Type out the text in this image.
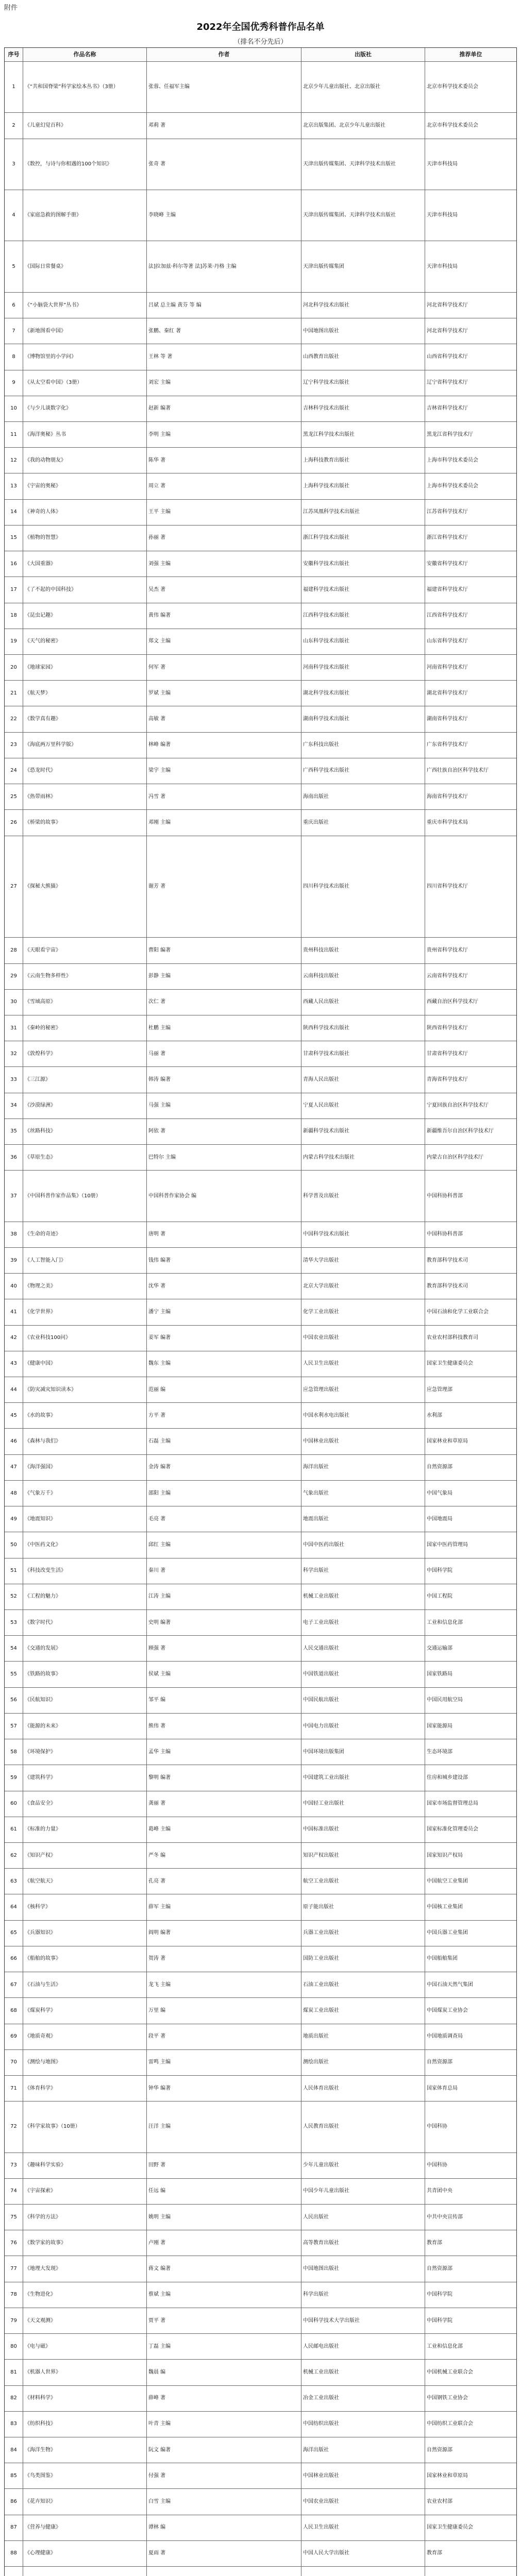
附件
2022年全国优秀科普作品名单
（排名不分先后）
序号	作品名称	作者	出版社	推荐单位
1	《“共和国脊梁”科学家绘本丛书》（3册）	张蓉、任福军主编	北京少年儿童出版社、北京出版社	北京市科学技术委员会
2	《儿童幻觉百科》	邓莉 著	北京出版集团、北京少年儿童出版社	北京市科学技术委员会
3	《数控，与诗与你相遇的100个知识》	张奇 著	天津出版传媒集团、天津科学技术出版社	天津市科技局
4	《家庭急救的图解手册》	李晓峰 主编	天津出版传媒集团、天津科学技术出版社	天津市科技局
5	《国际日常餐桌》	法]拉加兹·科尔等著 法]苏莱·丹格 主编	天津出版传媒集团	天津市科技局
6	《“小脑袋大世界”丛书》	吕斌 总主编 黄芬 等 编	河北科学技术出版社	河北省科学技术厅
7	《新地图看中国》	张鹏、秦红 著	中国地图出版社	河北省科学技术厅
8	《博物馆里的小学问》	王林 等 著	山西教育出版社	山西省科学技术厅
9	《从太空看中国》（3册）	刘宏 主编	辽宁科学技术出版社	辽宁省科学技术厅
10	《与少儿谈数字化》	赵新 编著	吉林科学技术出版社	吉林省科学技术厅
11	《海洋奥秘》丛书	李明 主编	黑龙江科学技术出版社	黑龙江省科学技术厅
12	《我的动物朋友》	陈华 著	上海科技教育出版社	上海市科学技术委员会
13	《宇宙的奥秘》	周立 著	上海科学技术出版社	上海市科学技术委员会
14	《神奇的人体》	王平 主编	江苏凤凰科学技术出版社	江苏省科学技术厅
15	《植物的智慧》	孙丽 著	浙江科学技术出版社	浙江省科学技术厅
16	《大国重器》	刘强 主编	安徽科学技术出版社	安徽省科学技术厅
17	《了不起的中国科技》	吴杰 著	福建科学技术出版社	福建省科学技术厅
18	《昆虫记趣》	黄伟 编著	江西科学技术出版社	江西省科学技术厅
19	《天气的秘密》	郑文 主编	山东科学技术出版社	山东省科学技术厅
20	《地球家园》	何军 著	河南科学技术出版社	河南省科学技术厅
21	《航天梦》	罗斌 主编	湖北科学技术出版社	湖北省科学技术厅
22	《数学真有趣》	高敏 著	湖南科学技术出版社	湖南省科学技术厅
23	《海底两万里科学版》	林峰 编著	广东科技出版社	广东省科学技术厅
24	《恐龙时代》	梁宇 主编	广西科学技术出版社	广西壮族自治区科学技术厅
25	《热带雨林》	冯雪 著	海南出版社	海南省科学技术厅
26	《桥梁的故事》	邓刚 主编	重庆出版社	重庆市科学技术局
27	《探秘大熊猫》	谢芳 著	四川科学技术出版社	四川省科学技术厅
28	《天眼看宇宙》	曹阳 编著	贵州科技出版社	贵州省科学技术厅
29	《云南生物多样性》	彭静 主编	云南科技出版社	云南省科学技术厅
30	《雪域高原》	次仁 著	西藏人民出版社	西藏自治区科学技术厅
31	《秦岭的秘密》	杜鹏 主编	陕西科学技术出版社	陕西省科学技术厅
32	《敦煌科学》	马丽 著	甘肃科学技术出版社	甘肃省科学技术厅
33	《三江源》	韩涛 编著	青海人民出版社	青海省科学技术厅
34	《沙漠绿洲》	马强 主编	宁夏人民出版社	宁夏回族自治区科学技术厅
35	《丝路科技》	阿依 著	新疆科学技术出版社	新疆维吾尔自治区科学技术厅
36	《草原生态》	巴特尔 主编	内蒙古科学技术出版社	内蒙古自治区科学技术厅
37	《中国科普作家作品集》（10册）	中国科普作家协会 编	科学普及出版社	中国科协科普部
38	《生命的奇迹》	唐明 著	中国科学技术出版社	中国科协科普部
39	《人工智能入门》	钱伟 编著	清华大学出版社	教育部科学技术司
40	《物理之美》	沈华 著	北京大学出版社	教育部科学技术司
41	《化学世界》	潘宁 主编	化学工业出版社	中国石油和化学工业联合会
42	《农业科技100问》	姜军 编著	中国农业出版社	农业农村部科技教育司
43	《健康中国》	魏东 主编	人民卫生出版社	国家卫生健康委员会
44	《防灾减灾知识读本》	范丽 编	应急管理出版社	应急管理部
45	《水的故事》	方平 著	中国水利水电出版社	水利部
46	《森林与我们》	石磊 主编	中国林业出版社	国家林业和草原局
47	《海洋强国》	金涛 编著	海洋出版社	自然资源部
48	《气象万千》	邵阳 主编	气象出版社	中国气象局
49	《地震知识》	毛亮 著	地震出版社	中国地震局
50	《中医药文化》	邱红 主编	中国中医药出版社	国家中医药管理局
51	《科技改变生活》	秦川 著	科学出版社	中国科学院
52	《工程的魅力》	江涛 主编	机械工业出版社	中国工程院
53	《数字时代》	史明 编著	电子工业出版社	工业和信息化部
54	《交通的发展》	顾强 著	人民交通出版社	交通运输部
55	《铁路的故事》	侯斌 主编	中国铁道出版社	国家铁路局
56	《民航知识》	邹平 编	中国民航出版社	中国民用航空局
57	《能源的未来》	熊伟 著	中国电力出版社	国家能源局
58	《环境保护》	孟华 主编	中国环境出版集团	生态环境部
59	《建筑科学》	黎明 编著	中国建筑工业出版社	住房和城乡建设部
60	《食品安全》	龚丽 著	中国轻工业出版社	国家市场监督管理总局
61	《标准的力量》	葛峰 主编	中国标准出版社	国家标准化管理委员会
62	《知识产权》	严冬 编	知识产权出版社	国家知识产权局
63	《航空航天》	孔亮 著	航空工业出版社	中国航空工业集团
64	《核科学》	薛军 主编	原子能出版社	中国核工业集团
65	《兵器知识》	阎明 编著	兵器工业出版社	中国兵器工业集团
66	《船舶的故事》	贺涛 著	国防工业出版社	中国船舶集团
67	《石油与生活》	龙飞 主编	石油工业出版社	中国石油天然气集团
68	《煤炭科学》	万里 编	煤炭工业出版社	中国煤炭工业协会
69	《地质奇观》	段平 著	地质出版社	中国地质调查局
70	《测绘与地图》	雷鸣 主编	测绘出版社	自然资源部
71	《体育科学》	钟华 编著	人民体育出版社	国家体育总局
72	《科学家故事》（10册）	汪洋 主编	人民教育出版社	中国科协
73	《趣味科学实验》	田野 著	少年儿童出版社	中国科协
74	《宇宙探索》	任远 编	中国少年儿童出版社	共青团中央
75	《科学的方法》	姚明 主编	人民出版社	中共中央宣传部
76	《数学家的故事》	卢刚 著	高等教育出版社	教育部
77	《地理大发现》	蒋文 编著	中国地图出版社	自然资源部
78	《生物进化》	蔡斌 主编	科学出版社	中国科学院
79	《天文观测》	贾平 著	中国科学技术大学出版社	中国科学院
80	《电与磁》	丁磊 主编	人民邮电出版社	工业和信息化部
81	《机器人世界》	魏晨 编	机械工业出版社	中国机械工业联合会
82	《材料科学》	薛峰 著	冶金工业出版社	中国钢铁工业协会
83	《纺织科技》	叶青 主编	中国纺织出版社	中国纺织工业联合会
84	《海洋生物》	阮文 编著	海洋出版社	自然资源部
85	《鸟类图鉴》	付强 著	中国林业出版社	国家林业和草原局
86	《花卉知识》	白雪 主编	中国农业出版社	农业农村部
87	《营养与健康》	谭林 编	人民卫生出版社	国家卫生健康委员会
88	《心理健康》	夏雨 著	中国人民大学出版社	教育部
